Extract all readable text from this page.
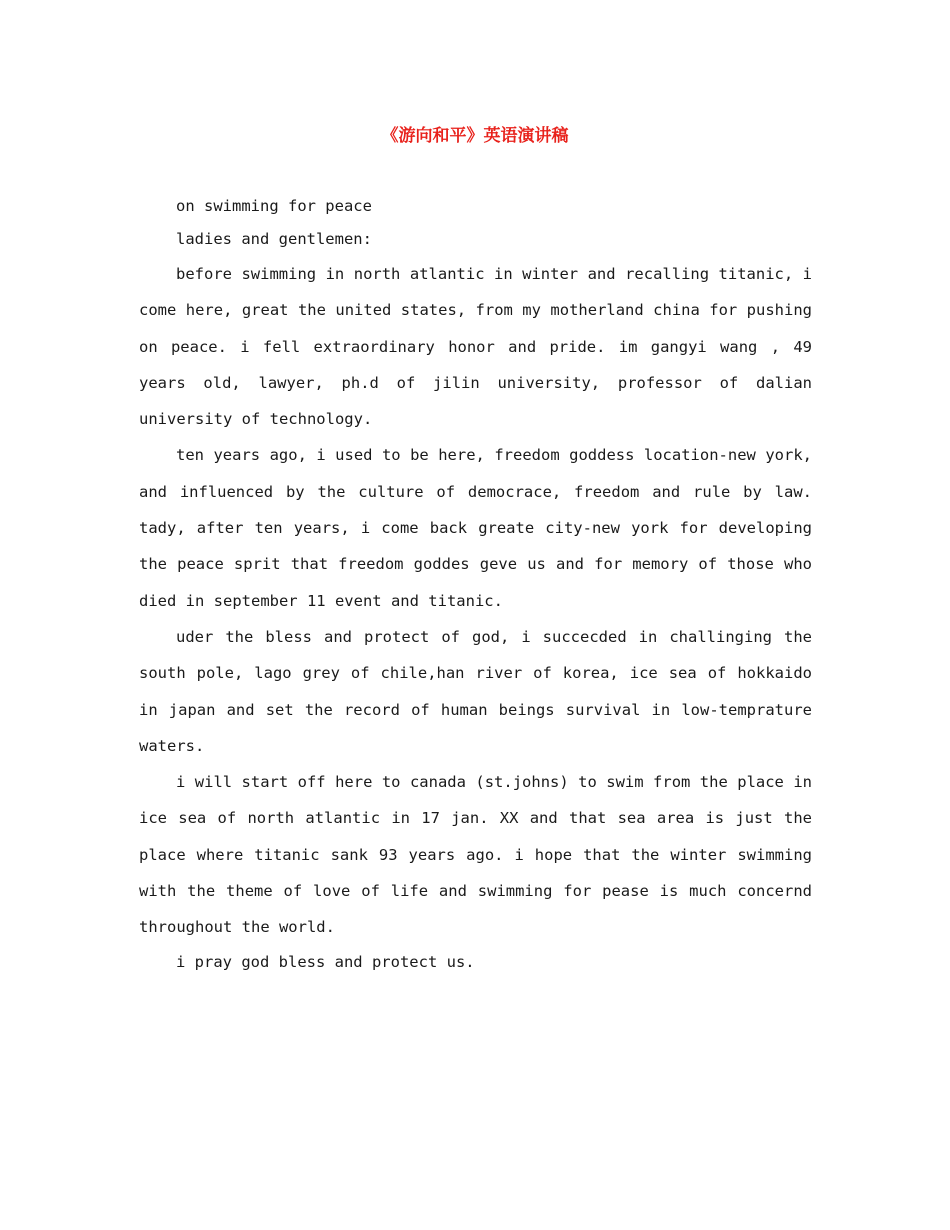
《游向和平》英语演讲稿

on swimming for peace

ladies and gentlemen:

before swimming in north atlantic in winter and recalling titanic, i come here, great the united states, from my motherland china for pushing on peace. i fell extraordinary honor and pride. im gangyi wang , 49 years old, lawyer, ph.d of jilin university, professor of dalian university of technology.

ten years ago, i used to be here, freedom goddess location-new york, and influenced by the culture of democrace, freedom and rule by law. tady, after ten years, i come back greate city-new york for developing the peace sprit that freedom goddes geve us and for memory of those who died in september 11 event and titanic.

uder the bless and protect of god, i succecded in challinging the south pole, lago grey of chile,han river of korea, ice sea of hokkaido in japan and set the record of human beings survival in low-temprature waters.

i will start off here to canada (st.johns) to swim from the place in ice sea of north atlantic in 17 jan. XX and that sea area is just the place where titanic sank 93 years ago. i hope that the winter swimming with the theme of love of life and swimming for pease is much concernd throughout the world.

i pray god bless and protect us.
